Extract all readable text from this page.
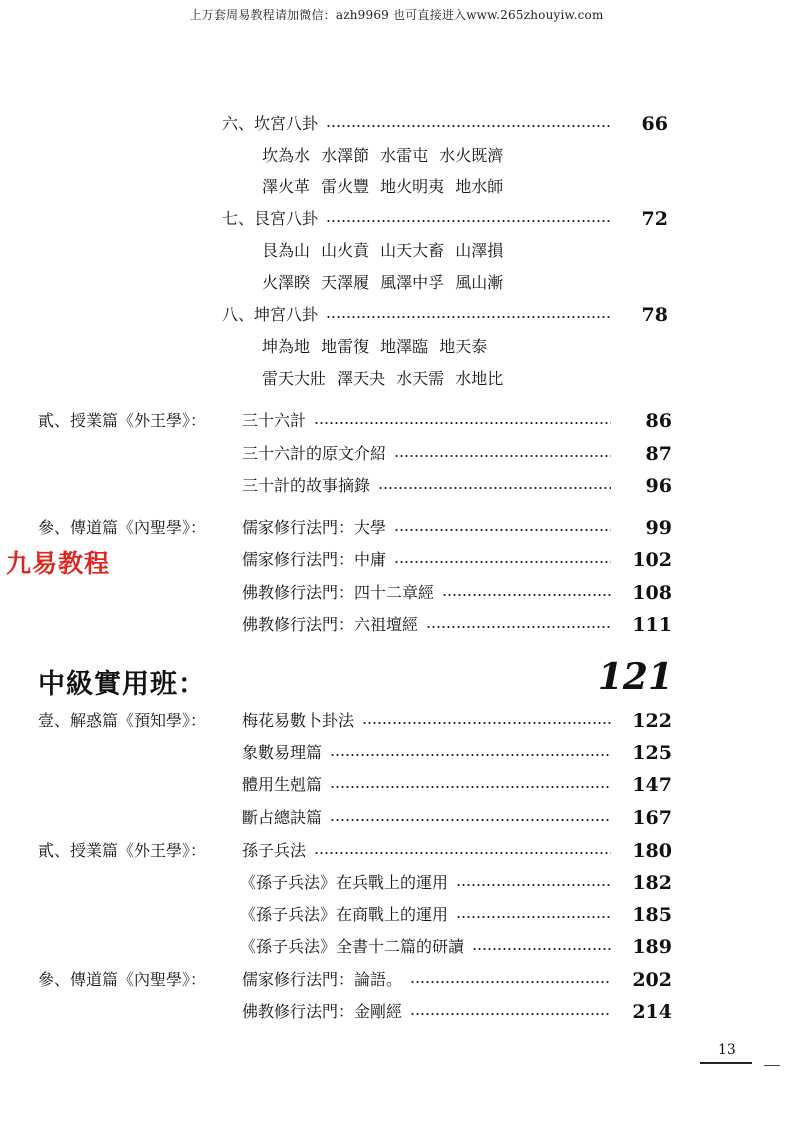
上万套周易教程请加微信：azh9969 也可直接进入www.265zhouyiw.com
九易教程
六、坎宮八卦	66
坎為水 水澤節 水雷屯 水火既濟
澤火革 雷火豐 地火明夷 地水師
七、艮宮八卦	72
艮為山 山火賁 山天大畜 山澤損
火澤睽 天澤履 風澤中孚 風山漸
八、坤宮八卦	78
坤為地 地雷復 地澤臨 地天泰
雷天大壯 澤天夬 水天需 水地比
貳、授業篇《外王學》： 三十六計	86
三十六計的原文介紹	87
三十計的故事摘錄	96
參、傳道篇《內聖學》： 儒家修行法門：大學	99
儒家修行法門：中庸	102
佛教修行法門：四十二章經	108
佛教修行法門：六祖壇經	111
中級實用班：	121
壹、解惑篇《預知學》： 梅花易數卜卦法	122
象數易理篇	125
體用生剋篇	147
斷占總訣篇	167
貳、授業篇《外王學》： 孫子兵法	180
《孫子兵法》在兵戰上的運用	182
《孫子兵法》在商戰上的運用	185
《孫子兵法》全書十二篇的研讀	189
參、傳道篇《內聖學》： 儒家修行法門：論語。	202
佛教修行法門：金剛經	214
13
